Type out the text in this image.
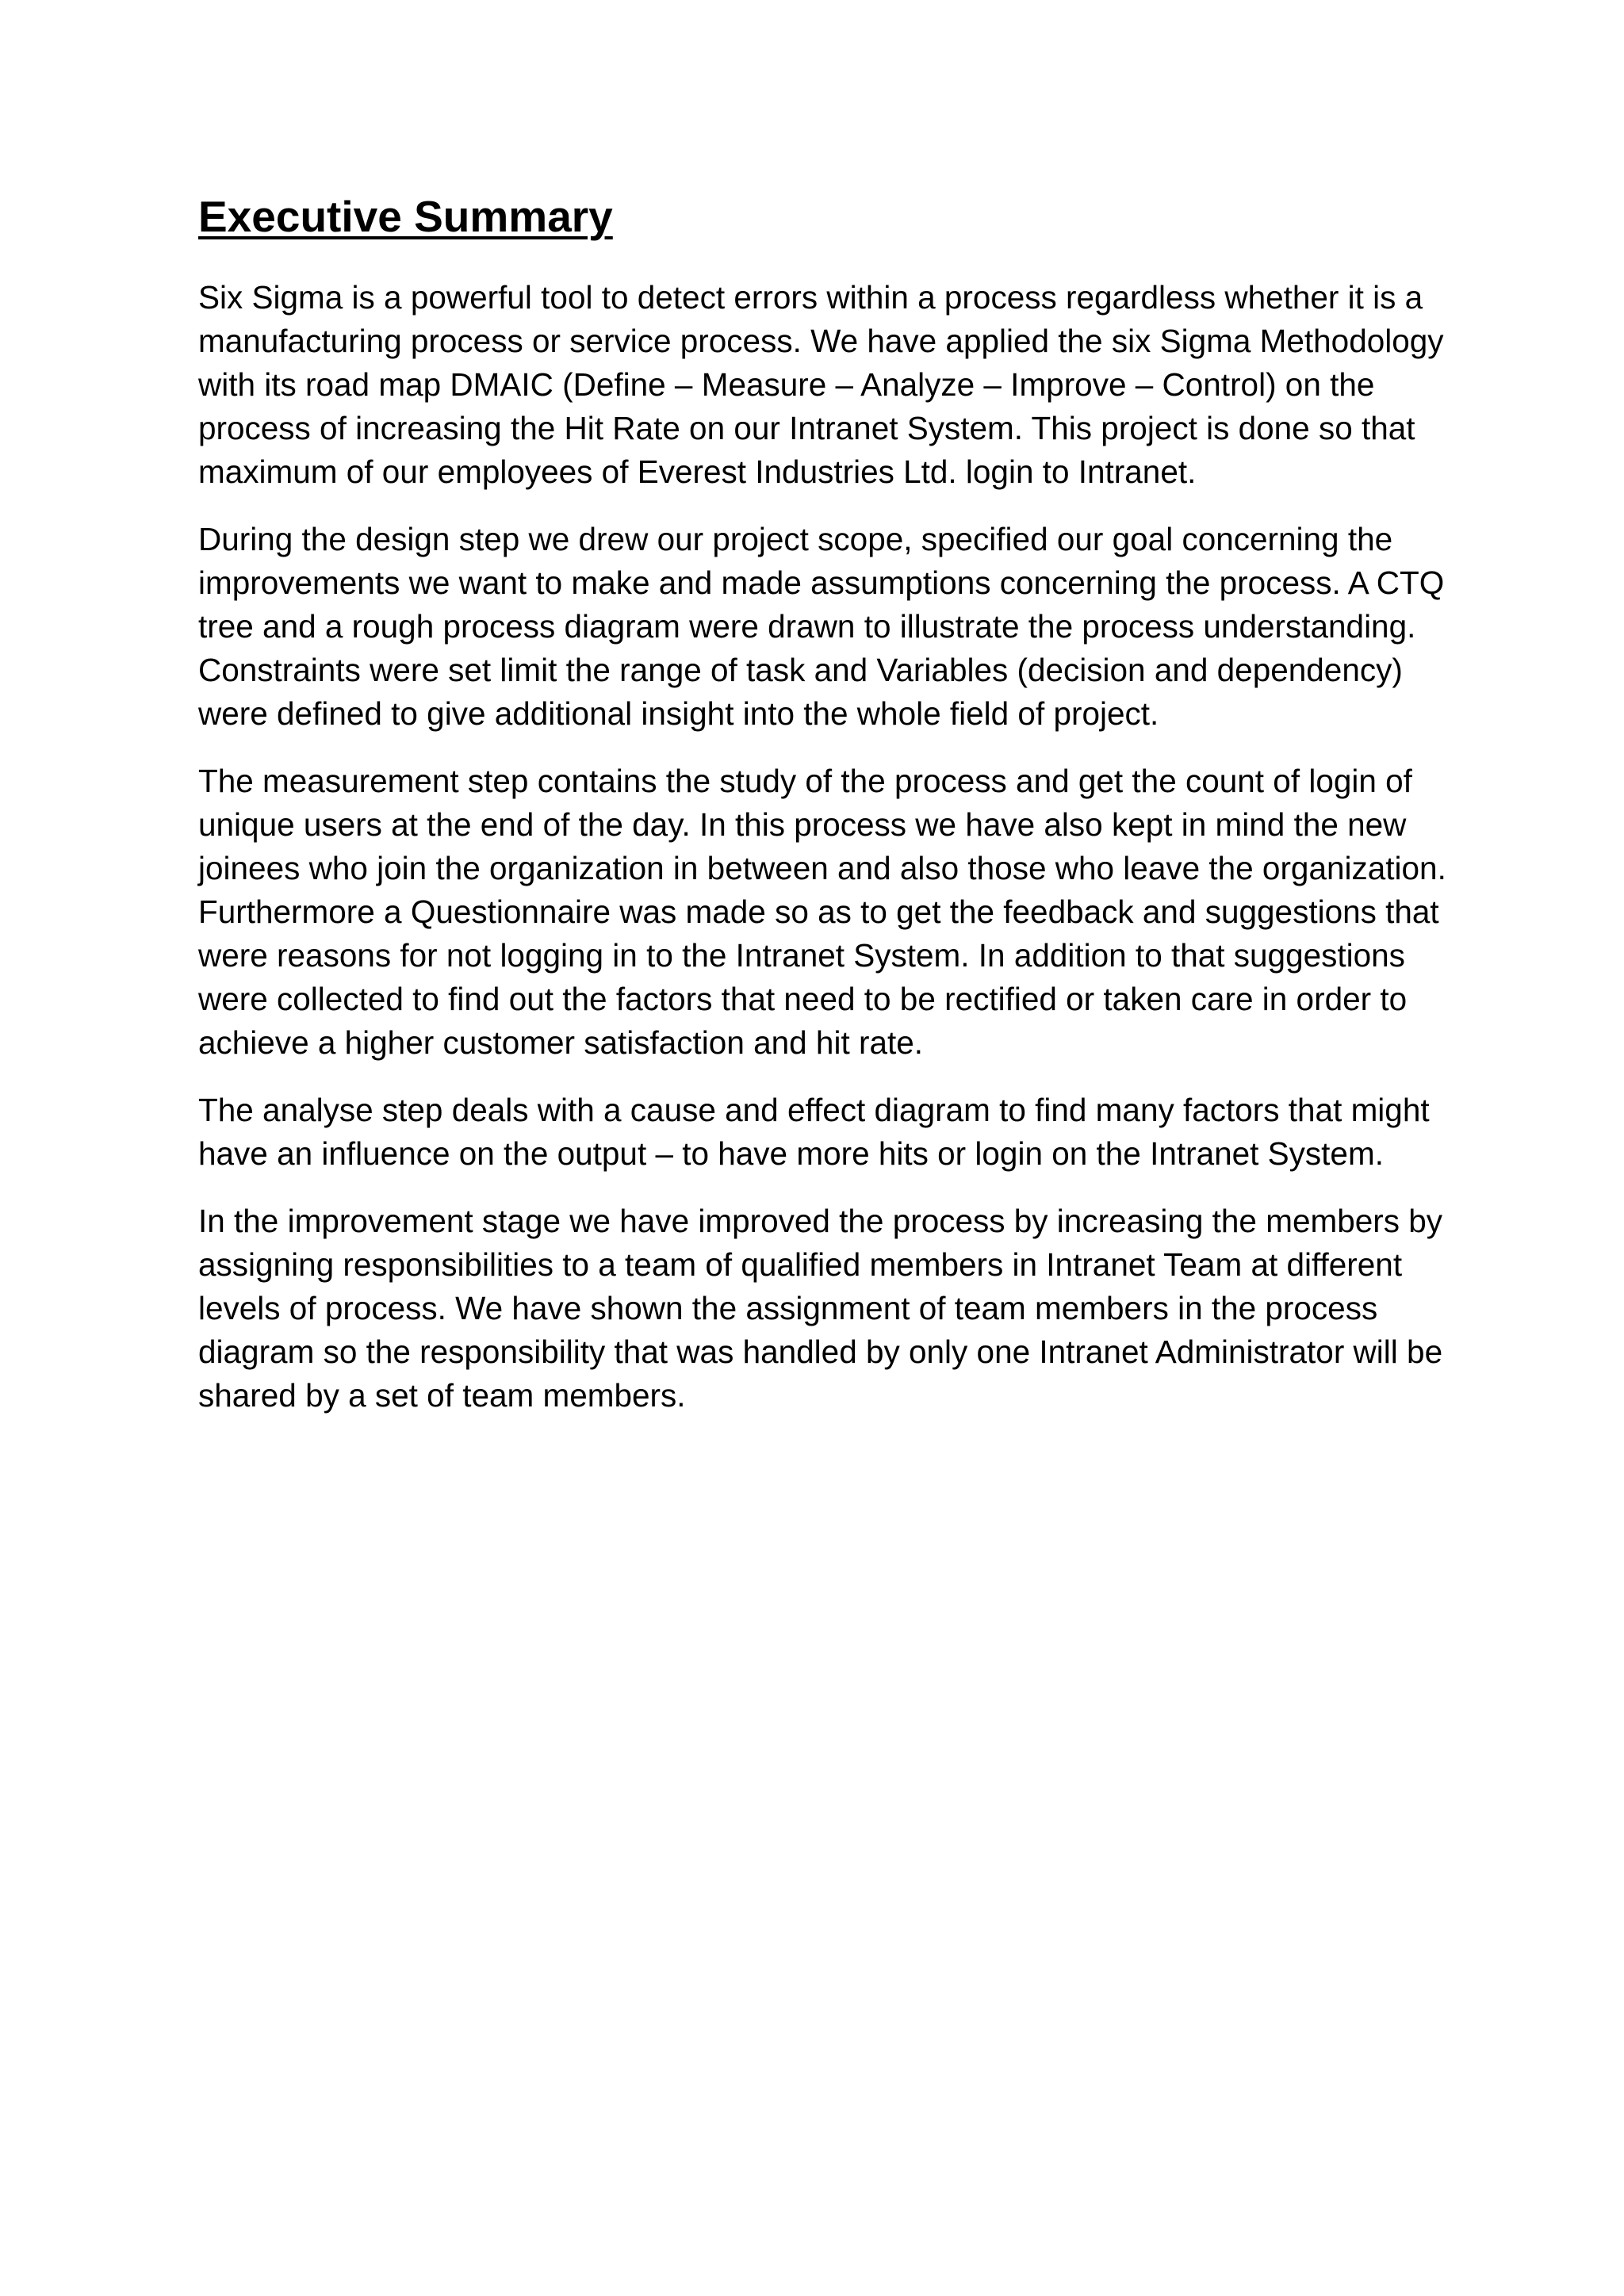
Executive Summary

Six Sigma is a powerful tool to detect errors within a process regardless whether it is a manufacturing process or service process. We have applied the six Sigma Methodology with its road map DMAIC (Define – Measure – Analyze – Improve – Control) on the process of increasing the Hit Rate on our Intranet System. This project is done so that maximum of our employees of Everest Industries Ltd. login to Intranet.

During the design step we drew our project scope, specified our goal concerning the improvements we want to make and made assumptions concerning the process. A CTQ tree and a rough process diagram were drawn to illustrate the process understanding. Constraints were set limit the range of task and Variables (decision and dependency) were defined to give additional insight into the whole field of project.

The measurement step contains the study of the process and get the count of login of unique users at the end of the day. In this process we have also kept in mind the new joinees who join the organization in between and also those who leave the organization. Furthermore a Questionnaire was made so as to get the feedback and suggestions that were reasons for not logging in to the Intranet System. In addition to that suggestions were collected to find out the factors that need to be rectified or taken care in order to achieve a higher customer satisfaction and hit rate.

The analyse step deals with a cause and effect diagram to find many factors that might have an influence on the output – to have more hits or login on the Intranet System.

In the improvement stage we have improved the process by increasing the members by assigning responsibilities to a team of qualified members in Intranet Team at different levels of process. We have shown the assignment of team members in the process diagram so the responsibility that was handled by only one Intranet Administrator will be shared by a set of team members.
